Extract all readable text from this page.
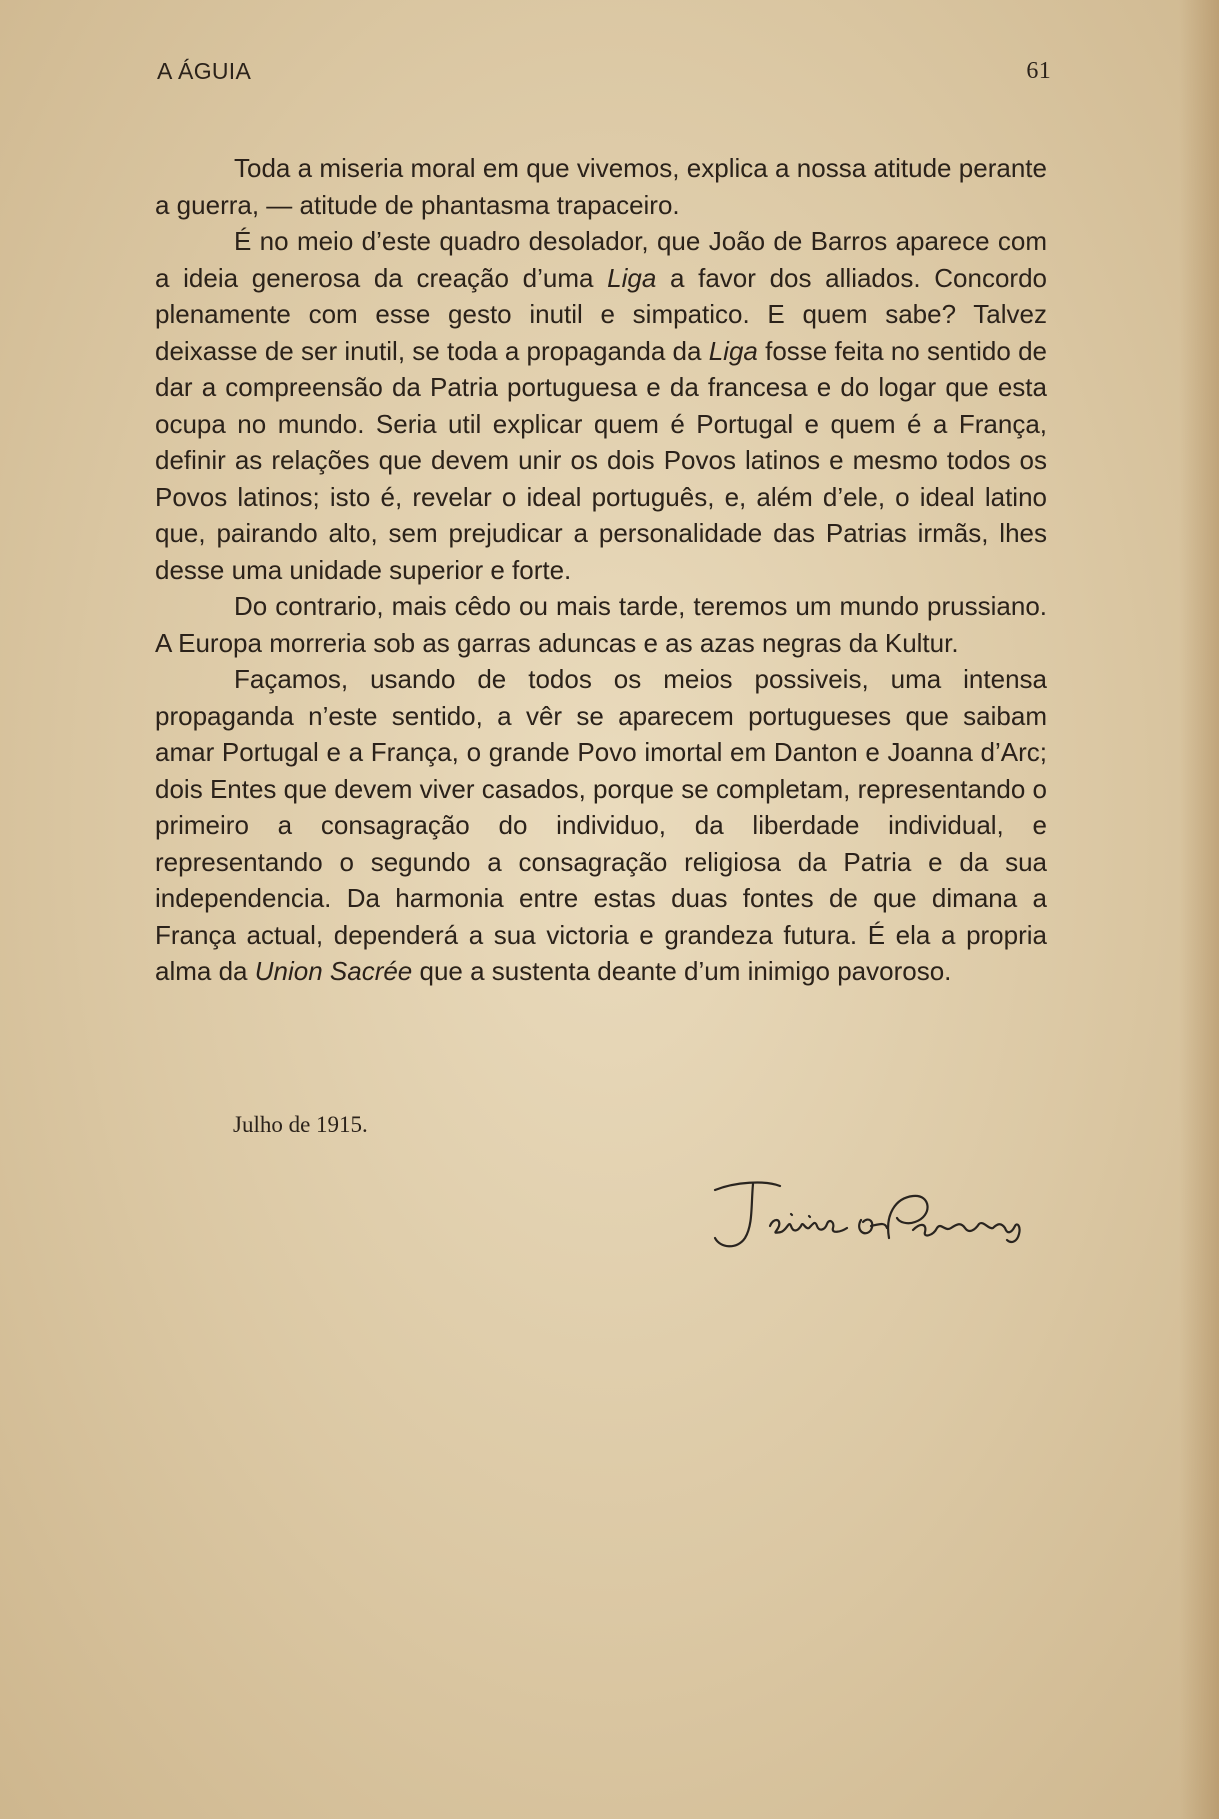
A ÁGUIA	61

Toda a miseria moral em que vivemos, explica a nossa atitude perante a guerra, — atitude de phantasma trapaceiro.

É no meio d’este quadro desolador, que João de Barros aparece com a ideia generosa da creação d’uma Liga a favor dos alliados. Concordo plenamente com esse gesto inutil e simpatico. E quem sabe? Talvez deixasse de ser inutil, se toda a propaganda da Liga fosse feita no sentido de dar a compreensão da Patria portuguesa e da francesa e do logar que esta ocupa no mundo. Seria util explicar quem é Portugal e quem é a França, definir as relações que devem unir os dois Povos latinos e mesmo todos os Povos latinos; isto é, revelar o ideal português, e, além d’ele, o ideal latino que, pairando alto, sem prejudicar a personalidade das Patrias irmãs, lhes desse uma unidade superior e forte.

Do contrario, mais cêdo ou mais tarde, teremos um mundo prussiano. A Europa morreria sob as garras aduncas e as azas negras da Kultur.

Façamos, usando de todos os meios possiveis, uma intensa propaganda n’este sentido, a vêr se aparecem portugueses que saibam amar Portugal e a França, o grande Povo imortal em Danton e Joanna d’Arc; dois Entes que devem viver casados, porque se completam, representando o primeiro a consagração do individuo, da liberdade individual, e representando o segundo a consagração religiosa da Patria e da sua independencia. Da harmonia entre estas duas fontes de que dimana a França actual, dependerá a sua victoria e grandeza futura. É ela a propria alma da Union Sacrée que a sustenta deante d’um inimigo pavoroso.

Julho de 1915.
